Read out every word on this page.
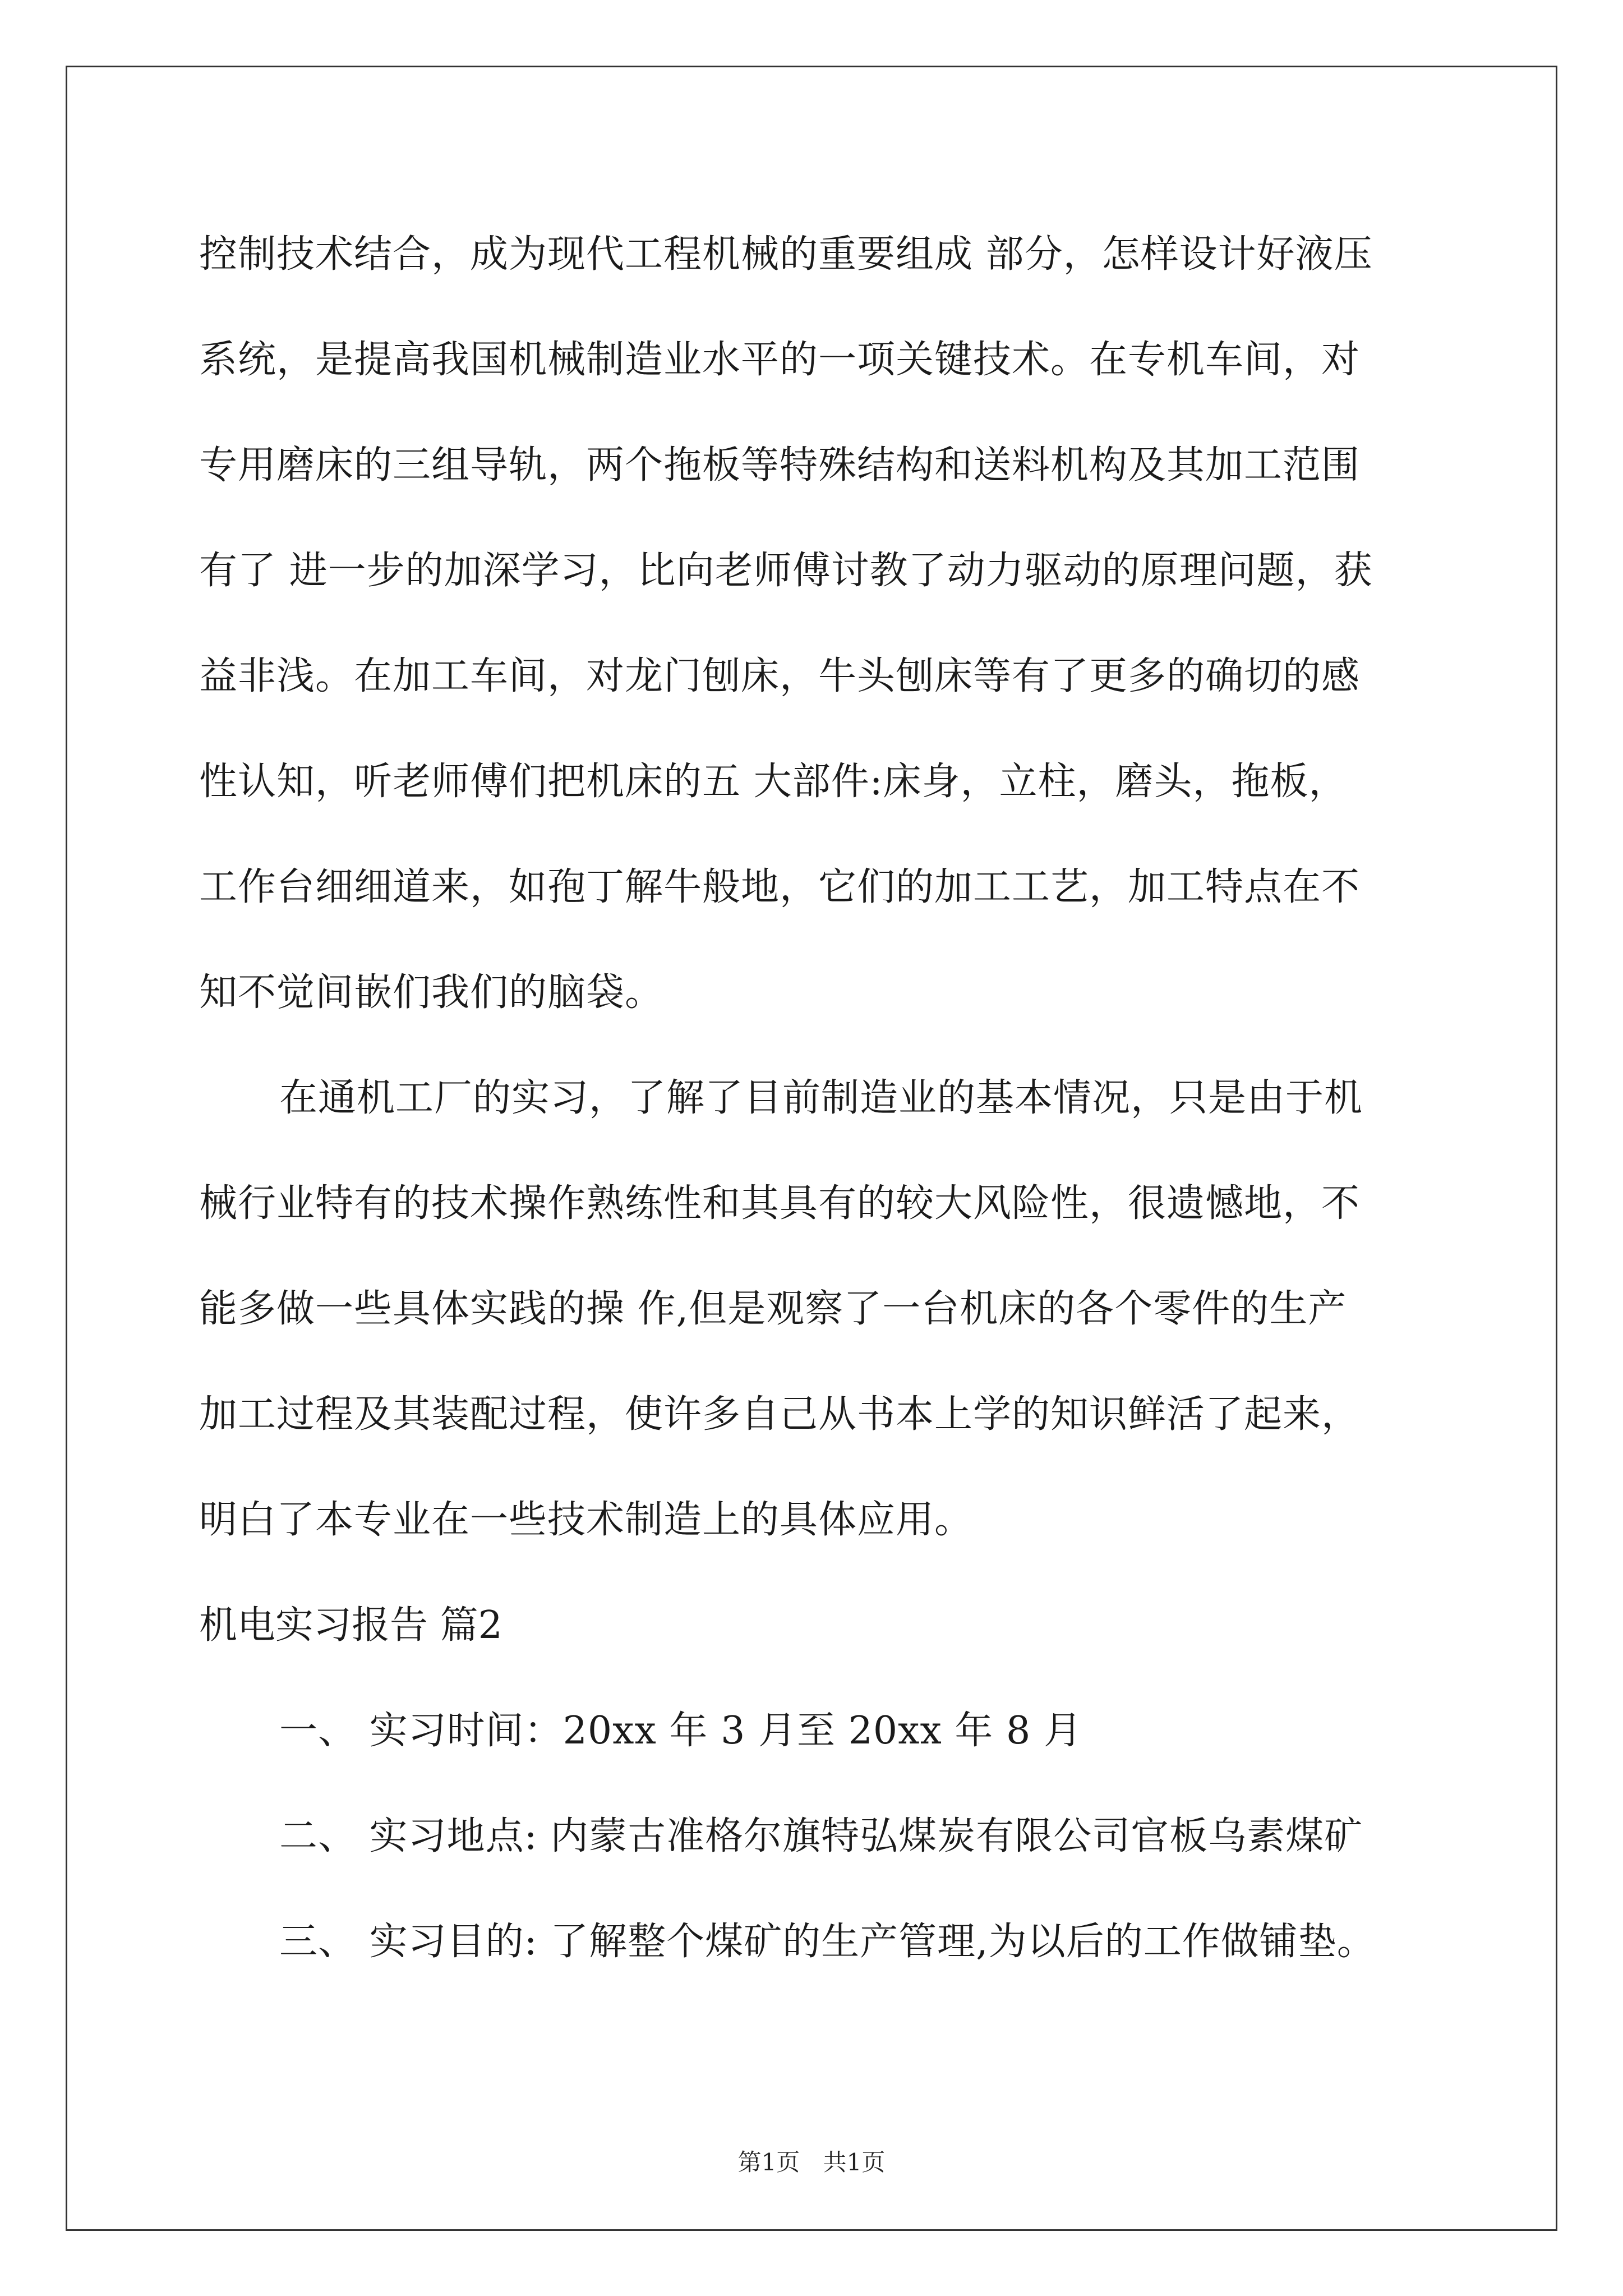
控制技术结合，成为现代工程机械的重要组成 部分，怎样设计好液压
系统，是提高我国机械制造业水平的一项关键技术。在专机车间，对
专用磨床的三组导轨，两个拖板等特殊结构和送料机构及其加工范围
有了 进一步的加深学习，比向老师傅讨教了动力驱动的原理问题，获
益非浅。在加工车间，对龙门刨床，牛头刨床等有了更多的确切的感
性认知，听老师傅们把机床的五 大部件:床身，立柱，磨头，拖板，
工作台细细道来，如孢丁解牛般地，它们的加工工艺，加工特点在不
知不觉间嵌们我们的脑袋。
在通机工厂的实习，了解了目前制造业的基本情况，只是由于机
械行业特有的技术操作熟练性和其具有的较大风险性，很遗憾地，不
能多做一些具体实践的操 作,但是观察了一台机床的各个零件的生产
加工过程及其装配过程，使许多自己从书本上学的知识鲜活了起来，
明白了本专业在一些技术制造上的具体应用。
机电实习报告 篇2
一、 实习时间：20xx 年 3 月至 20xx 年 8 月
二、 实习地点: 内蒙古准格尔旗特弘煤炭有限公司官板乌素煤矿
三、 实习目的: 了解整个煤矿的生产管理,为以后的工作做铺垫。
第1页 共1页
